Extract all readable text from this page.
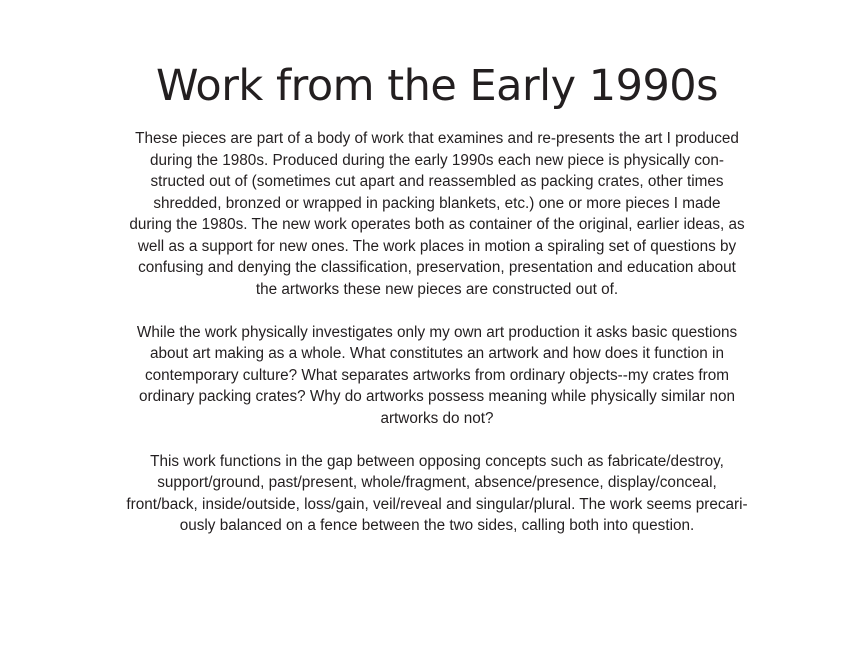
Work from the Early 1990s

These pieces are part of a body of work that examines and re-presents the art I produced
during the 1980s. Produced during the early 1990s each new piece is physically con-
structed out of (sometimes cut apart and reassembled as packing crates, other times
shredded, bronzed or wrapped in packing blankets, etc.) one or more pieces I made
during the 1980s. The new work operates both as container of the original, earlier ideas, as
well as a support for new ones. The work places in motion a spiraling set of questions by
confusing and denying the classification, preservation, presentation and education about
the artworks these new pieces are constructed out of.

While the work physically investigates only my own art production it asks basic questions
about art making as a whole. What constitutes an artwork and how does it function in
contemporary culture? What separates artworks from ordinary objects--my crates from
ordinary packing crates? Why do artworks possess meaning while physically similar non
artworks do not?

This work functions in the gap between opposing concepts such as fabricate/destroy,
support/ground, past/present, whole/fragment, absence/presence, display/conceal,
front/back, inside/outside, loss/gain, veil/reveal and singular/plural. The work seems precari-
ously balanced on a fence between the two sides, calling both into question.
